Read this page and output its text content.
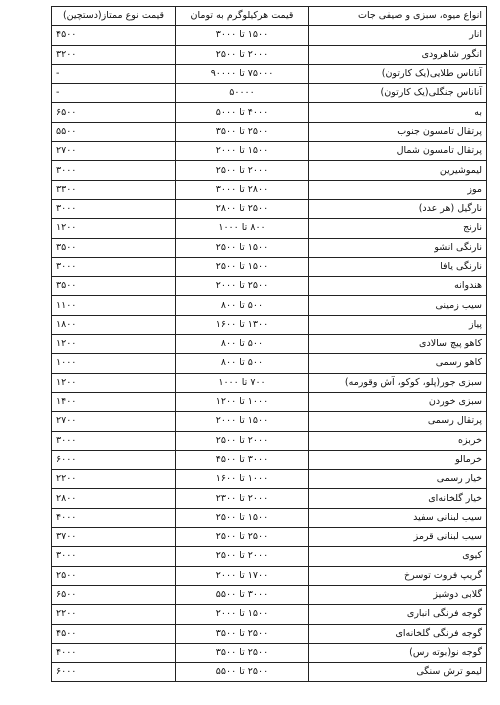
انواع میوه، سبزی و صیفی جات	قیمت هرکیلوگرم به تومان	قیمت نوع ممتاز(دستچین)
انار	۱۵۰۰ تا ۳۰۰۰	۴۵۰۰
انگور شاهرودی	۲۰۰۰ تا ۲۵۰۰	۳۲۰۰
آناناس طلایی(یک کارتون)	۷۵۰۰۰ تا ۹۰۰۰۰	-
آناناس جنگلی(یک کارتون)	۵۰۰۰۰	-
به	۴۰۰۰ تا ۵۰۰۰	۶۵۰۰
پرتقال تامسون جنوب	۲۵۰۰ تا ۳۵۰۰	۵۵۰۰
پرتقال تامسون شمال	۱۵۰۰ تا ۲۰۰۰	۲۷۰۰
لیموشیرین	۲۰۰۰ تا ۲۵۰۰	۳۰۰۰
موز	۲۸۰۰ تا ۳۰۰۰	۳۳۰۰
نارگیل (هر عدد)	۲۵۰۰ تا ۲۸۰۰	۳۰۰۰
نارنج	۸۰۰ تا ۱۰۰۰	۱۲۰۰
نارنگی انشو	۱۵۰۰ تا ۲۵۰۰	۳۵۰۰
نارنگی یافا	۱۵۰۰ تا ۲۵۰۰	۳۰۰۰
هندوانه	۲۵۰۰ تا ۲۰۰۰	۳۵۰۰
سیب زمینی	۵۰۰ تا ۸۰۰	۱۱۰۰
پیاز	۱۳۰۰ تا ۱۶۰۰	۱۸۰۰
کاهو پیچ سالادی	۵۰۰ تا ۸۰۰	۱۲۰۰
کاهو رسمی	۵۰۰ تا ۸۰۰	۱۰۰۰
سبزی جور(پلو، کوکو، آش وقورمه)	۷۰۰ تا ۱۰۰۰	۱۲۰۰
سبزی خوردن	۱۰۰۰ تا ۱۲۰۰	۱۴۰۰
پرتقال رسمی	۱۵۰۰ تا ۲۰۰۰	۲۷۰۰
خربزه	۲۰۰۰ تا ۲۵۰۰	۳۰۰۰
خرمالو	۳۰۰۰ تا ۴۵۰۰	۶۰۰۰
خیار رسمی	۱۰۰۰ تا ۱۶۰۰	۲۲۰۰
خیار گلخانه‌ای	۲۰۰۰ تا ۲۳۰۰	۲۸۰۰
سیب لبنانی سفید	۱۵۰۰ تا ۲۵۰۰	۴۰۰۰
سیب لبنانی قرمز	۲۵۰۰ تا ۲۵۰۰	۳۷۰۰
کیوی	۲۰۰۰ تا ۲۵۰۰	۳۰۰۰
گریپ فروت توسرخ	۱۷۰۰ تا ۲۰۰۰	۲۵۰۰
گلابی دوشیز	۳۰۰۰ تا ۵۵۰۰	۶۵۰۰
گوجه فرنگی انباری	۱۵۰۰ تا ۲۰۰۰	۲۲۰۰
گوجه فرنگی گلخانه‌ای	۲۵۰۰ تا ۳۵۰۰	۴۵۰۰
گوجه نو(بوته رس)	۲۵۰۰ تا ۳۵۰۰	۴۰۰۰
لیمو ترش سنگی	۲۵۰۰ تا ۵۵۰۰	۶۰۰۰
